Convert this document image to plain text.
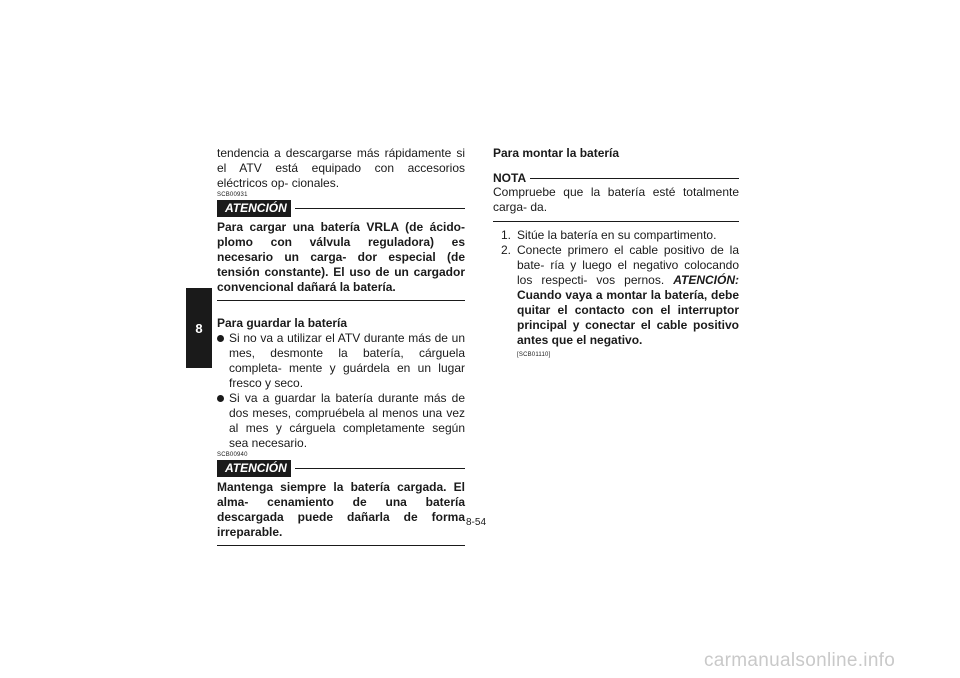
8

tendencia a descargarse más rápidamente si el ATV está equipado con accesorios eléctricos op- cionales.

SCB00931
ATENCIÓN

Para cargar una batería VRLA (de ácido-plomo con válvula reguladora) es necesario un carga- dor especial (de tensión constante). El uso de un cargador convencional dañará la batería.

Para guardar la batería

Si no va a utilizar el ATV durante más de un mes, desmonte la batería, cárguela completa- mente y guárdela en un lugar fresco y seco.
Si va a guardar la batería durante más de dos meses, compruébela al menos una vez al mes y cárguela completamente según sea necesario.
SCB00940
ATENCIÓN

Mantenga siempre la batería cargada. El alma- cenamiento de una batería descargada puede dañarla de forma irreparable.

Para montar la batería

NOTA

Compruebe que la batería esté totalmente carga- da.

1. Sitúe la batería en su compartimento.
2. Conecte primero el cable positivo de la bate- ría y luego el negativo colocando los respecti- vos pernos. ATENCIÓN: Cuando vaya a montar la batería, debe quitar el contacto con el interruptor principal y conectar el cable positivo antes que el negativo.
[SCB01110]
8-54
carmanualsonline.info
